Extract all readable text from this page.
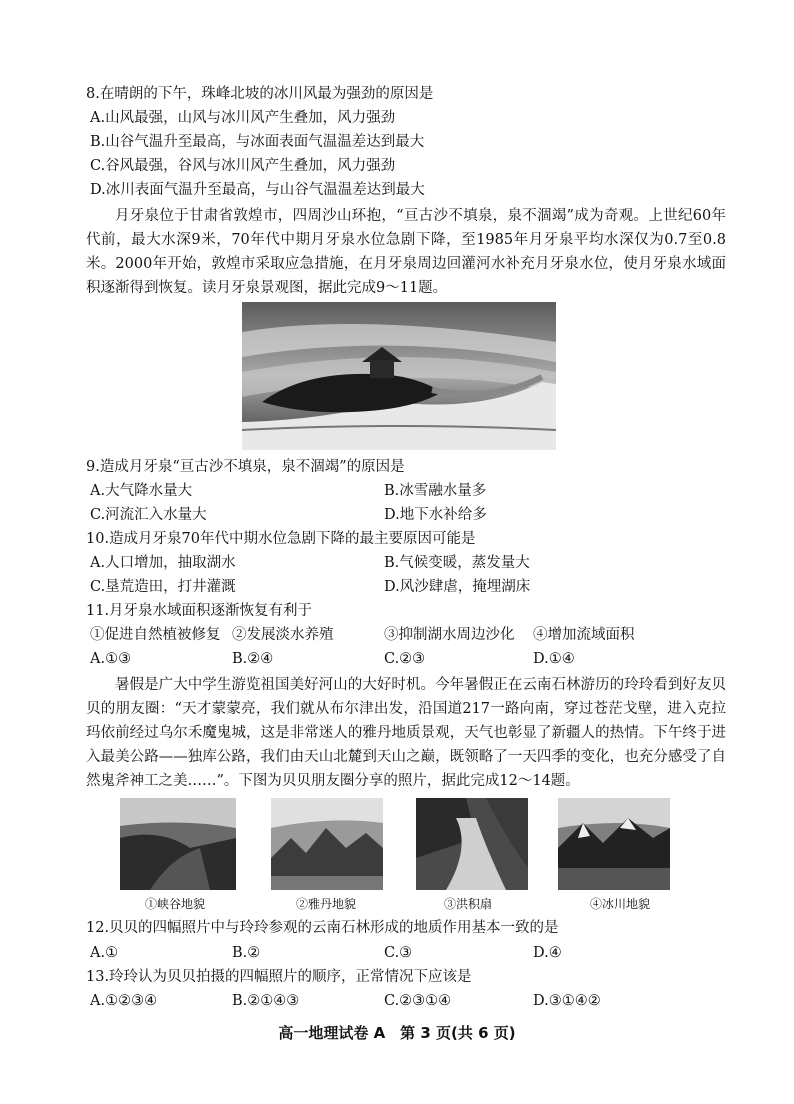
8.在晴朗的下午，珠峰北坡的冰川风最为强劲的原因是
A.山风最强，山风与冰川风产生叠加，风力强劲
B.山谷气温升至最高，与冰面表面气温温差达到最大
C.谷风最强，谷风与冰川风产生叠加，风力强劲
D.冰川表面气温升至最高，与山谷气温温差达到最大
月牙泉位于甘肃省敦煌市，四周沙山环抱，“亘古沙不填泉，泉不涸竭”成为奇观。上世纪60年代前，最大水深9米，70年代中期月牙泉水位急剧下降，至1985年月牙泉平均水深仅为0.7至0.8米。2000年开始，敦煌市采取应急措施，在月牙泉周边回灌河水补充月牙泉水位，使月牙泉水域面积逐渐得到恢复。读月牙泉景观图，据此完成9～11题。
9.造成月牙泉“亘古沙不填泉，泉不涸竭”的原因是
A.大气降水量大	B.冰雪融水量多
C.河流汇入水量大	D.地下水补给多
10.造成月牙泉70年代中期水位急剧下降的最主要原因可能是
A.人口增加，抽取湖水	B.气候变暖，蒸发量大
C.垦荒造田，打井灌溉	D.风沙肆虐，掩埋湖床
11.月牙泉水域面积逐渐恢复有利于
①促进自然植被修复 ②发展淡水养殖	③抑制湖水周边沙化 ④增加流域面积
A.①③	B.②④	C.②③	D.①④
暑假是广大中学生游览祖国美好河山的大好时机。今年暑假正在云南石林游历的玲玲看到好友贝贝的朋友圈：“天才蒙蒙亮，我们就从布尔津出发，沿国道217一路向南，穿过苍茫戈壁，进入克拉玛依前经过乌尔禾魔鬼城，这是非常迷人的雅丹地质景观，天气也彰显了新疆人的热情。下午终于进入最美公路——独库公路，我们由天山北麓到天山之巅，既领略了一天四季的变化，也充分感受了自然鬼斧神工之美……”。下图为贝贝朋友圈分享的照片，据此完成12～14题。
①峡谷地貌	②雅丹地貌	③洪积扇	④冰川地貌
12.贝贝的四幅照片中与玲玲参观的云南石林形成的地质作用基本一致的是
A.①	B.②	C.③	D.④
13.玲玲认为贝贝拍摄的四幅照片的顺序，正常情况下应该是
A.①②③④	B.②①④③	C.②③①④	D.③①④②
高一地理试卷 A　第 3 页(共 6 页)
